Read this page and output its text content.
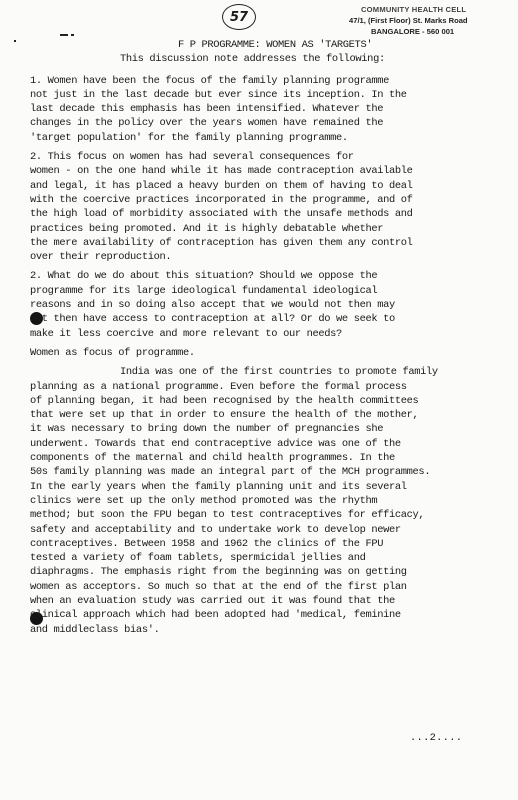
57
COMMUNITY HEALTH CELL
47/1, (First Floor) St. Marks Road
BANGALORE - 560 001
F P PROGRAMME: WOMEN AS 'TARGETS'
This discussion note addresses the following:
1. Women have been the focus of the family planning programme
not just in the last decade but ever since its inception. In the
last decade this emphasis has been intensified. Whatever the
changes in the policy over the years women have remained the
'target population' for the family planning programme.
2. This focus on women has had several consequences for
women - on the one hand while it has made contraception available
and legal, it has placed a heavy burden on them of having to deal
with the coercive practices incorporated in the programme, and of
the high load of morbidity associated with the unsafe methods and
practices being promoted. And it is highly debatable whether
the mere availability of contraception has given them any control
over their reproduction.
2. What do we do about this situation? Should we oppose the
programme for its large ideological fundamental ideological
reasons and in so doing also accept that we would not then may
not then have access to contraception at all? Or do we seek to
make it less coercive and more relevant to our needs?
Women as focus of programme.
India was one of the first countries to promote family
planning as a national programme. Even before the formal process
of planning began, it had been recognised by the health committees
that were set up that in order to ensure the health of the mother,
it was necessary to bring down the number of pregnancies she
underwent. Towards that end contraceptive advice was one of the
components of the maternal and child health programmes. In the
50s family planning was made an integral part of the MCH programmes.
In the early years when the family planning unit and its several
clinics were set up the only method promoted was the rhythm
method; but soon the FPU began to test contraceptives for efficacy,
safety and acceptability and to undertake work to develop newer
contraceptives. Between 1958 and 1962 the clinics of the FPU
tested a variety of foam tablets, spermicidal jellies and
diaphragms. The emphasis right from the beginning was on getting
women as acceptors. So much so that at the end of the first plan
when an evaluation study was carried out it was found that the
clinical approach which had been adopted had 'medical, feminine
and middleclass bias'.
...2....
